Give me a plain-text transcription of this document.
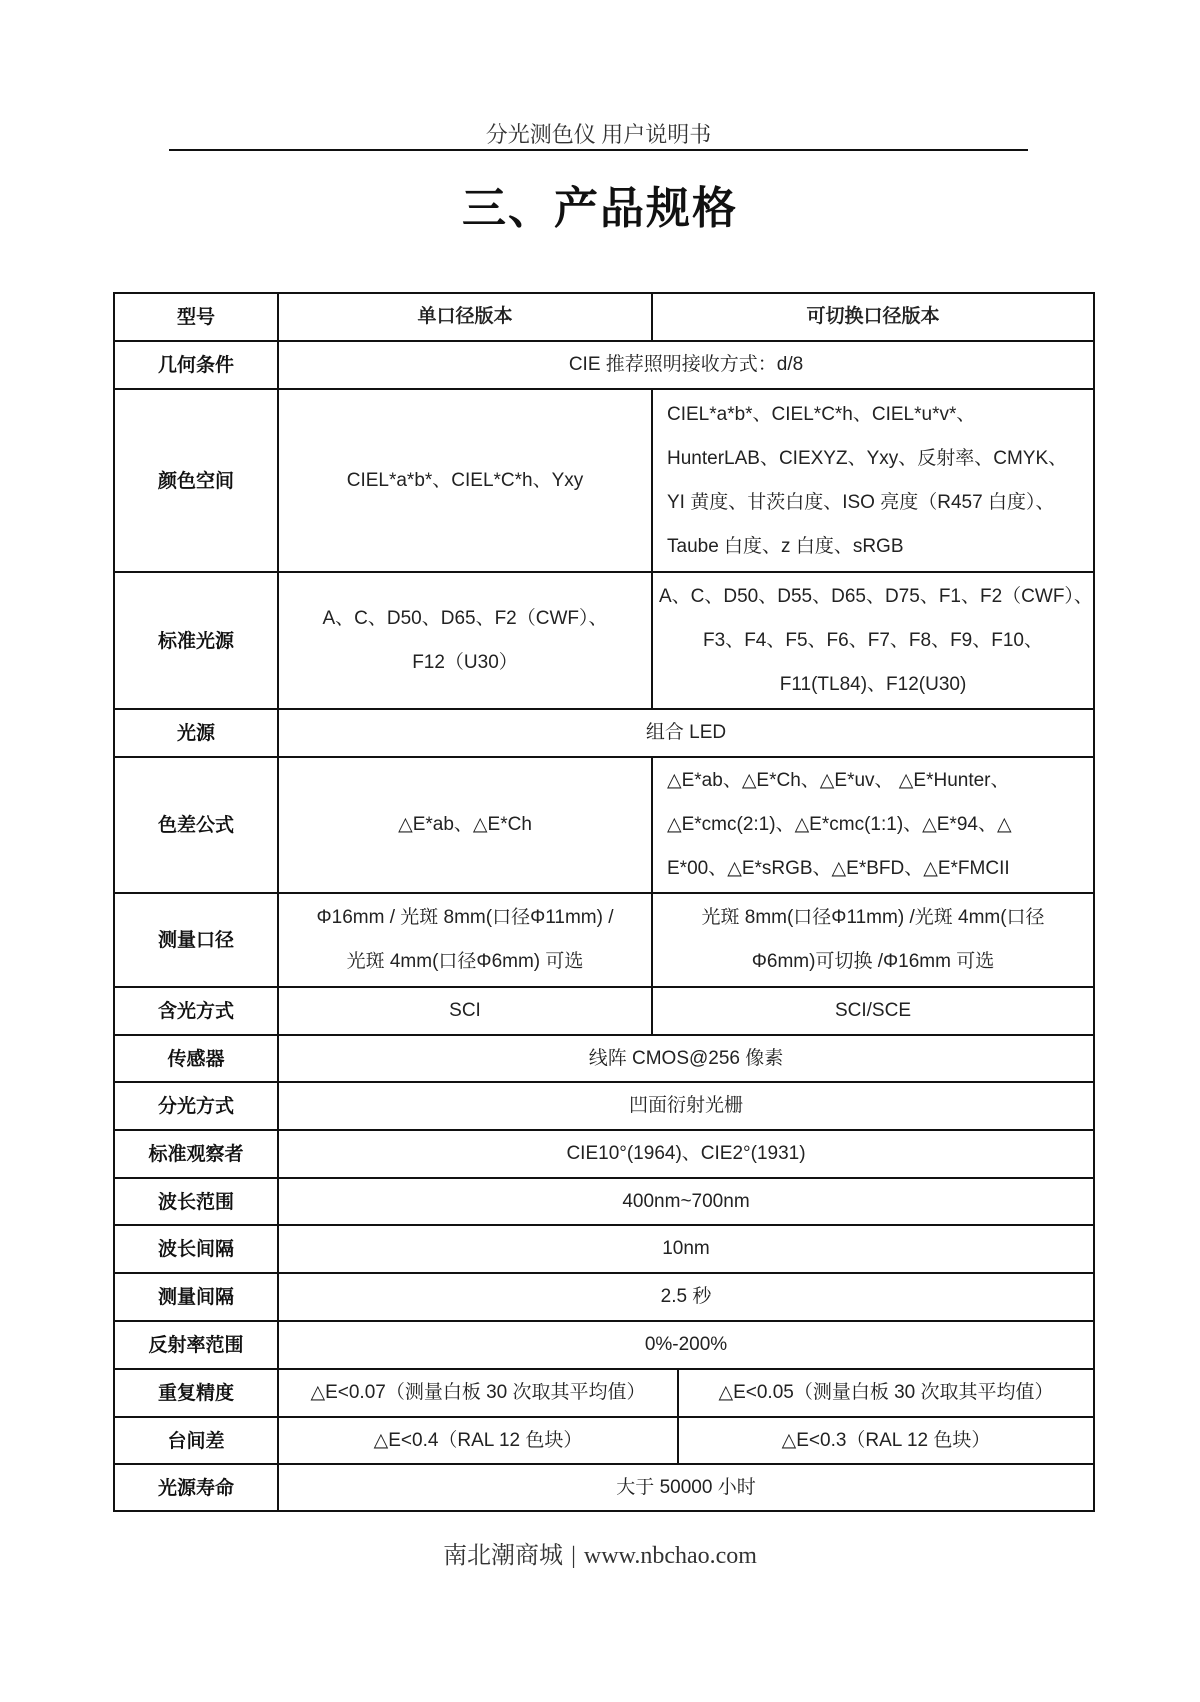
分光测色仪 用户说明书
三、产品规格
型号	单口径版本	可切换口径版本	

几何条件	CIE 推荐照明接收方式：d/8		

颜色空间	CIEL*a*b*、CIEL*C*h、Yxy	CIEL*a*b*、CIEL*C*h、CIEL*u*v*、
HunterLAB、CIEXYZ、Yxy、反射率、CMYK、
YI 黄度、甘茨白度、ISO 亮度（R457 白度）、
Taube 白度、z 白度、sRGB	

标准光源	A、C、D50、D65、F2（CWF）、
F12（U30）	A、C、D50、D55、D65、D75、F1、F2（CWF）、
F3、F4、F5、F6、F7、F8、F9、F10、
F11(TL84)、F12(U30)	

光源	组合 LED		

色差公式	△E*ab、△E*Ch	△E*ab、△E*Ch、△E*uv、 △E*Hunter、
△E*cmc(2:1)、△E*cmc(1:1)、△E*94、△
E*00、△E*sRGB、△E*BFD、△E*FMCII	

测量口径	Φ16mm / 光斑 8mm(口径Φ11mm) /
光斑 4mm(口径Φ6mm) 可选	光斑 8mm(口径Φ11mm) /光斑 4mm(口径
Φ6mm)可切换 /Φ16mm 可选	

含光方式	SCI	SCI/SCE	

传感器	线阵 CMOS@256 像素		

分光方式	凹面衍射光栅		

标准观察者	CIE10°(1964)、CIE2°(1931)		

波长范围	400nm~700nm		

波长间隔	10nm		

测量间隔	2.5 秒		

反射率范围	0%-200%		

重复精度	△E<0.07（测量白板 30 次取其平均值）		△E<0.05（测量白板 30 次取其平均值）

台间差	△E<0.4（RAL 12 色块）		△E<0.3（RAL 12 色块）

光源寿命	大于 50000 小时		
南北潮商城 | www.nbchao.com
